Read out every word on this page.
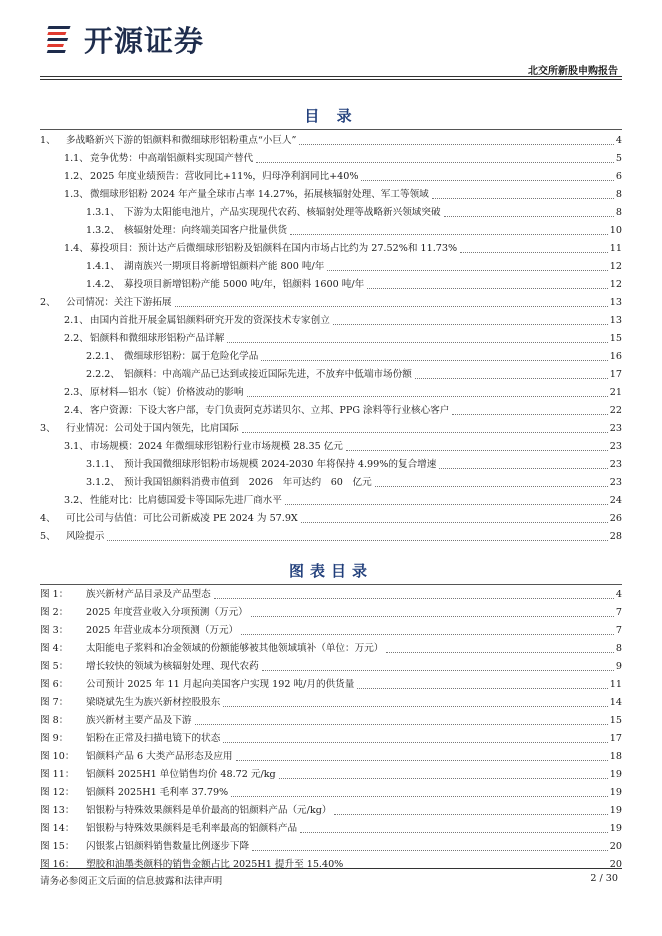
开源证券
北交所新股申购报告
目 录
1、	多战略新兴下游的铝颜料和微细球形铝粉重点“小巨人”	4
1.1、 竞争优势：中高端铝颜料实现国产替代	5
1.2、 2025 年度业绩预告：营收同比+11%，归母净利润同比+40%	6
1.3、 微细球形铝粉 2024 年产量全球市占率 14.27%，拓展核辐射处理、军工等领域	8
1.3.1、 下游为太阳能电池片，产品实现现代农药、核辐射处理等战略新兴领域突破	8
1.3.2、 核辐射处理：向终端美国客户批量供货	10
1.4、 募投项目：预计达产后微细球形铝粉及铝颜料在国内市场占比约为 27.52%和 11.73%	11
1.4.1、 湖南族兴一期项目将新增铝颜料产能 800 吨/年	12
1.4.2、 募投项目新增铝粉产能 5000 吨/年，铝颜料 1600 吨/年	12
2、	公司情况：关注下游拓展	13
2.1、 由国内首批开展金属铝颜料研究开发的资深技术专家创立	13
2.2、 铝颜料和微细球形铝粉产品详解	15
2.2.1、 微细球形铝粉：属于危险化学品	16
2.2.2、 铝颜料：中高端产品已达到或接近国际先进，不放弃中低端市场份额	17
2.3、 原材料—铝水（锭）价格波动的影响	21
2.4、 客户资源：下设大客户部，专门负责阿克苏诺贝尔、立邦、PPG 涂料等行业核心客户	22
3、	行业情况：公司处于国内领先，比肩国际	23
3.1、 市场规模：2024 年微细球形铝粉行业市场规模 28.35 亿元	23
3.1.1、 预计我国微细球形铝粉市场规模 2024-2030 年将保持 4.99%的复合增速	23
3.1.2、 预计我国铝颜料消费市值到　2026　年可达约　60　亿元	23
3.2、 性能对比：比肩德国爱卡等国际先进厂商水平	24
4、	可比公司与估值：可比公司新威凌 PE 2024 为 57.9X	26
5、	风险提示	28
图表目录
图 1：	族兴新材产品目录及产品型态	4
图 2：	2025 年度营业收入分项预测（万元）	7
图 3：	2025 年营业成本分项预测（万元）	7
图 4：	太阳能电子浆料和冶金领域的份额能够被其他领域填补（单位：万元）	8
图 5：	增长较快的领域为核辐射处理、现代农药	9
图 6：	公司预计 2025 年 11 月起向美国客户实现 192 吨/月的供货量	11
图 7：	梁晓斌先生为族兴新材控股股东	14
图 8：	族兴新材主要产品及下游	15
图 9：	铝粉在正常及扫描电镜下的状态	17
图 10：	铝颜料产品 6 大类产品形态及应用	18
图 11：	铝颜料 2025H1 单位销售均价 48.72 元/kg	19
图 12：	铝颜料 2025H1 毛利率 37.79%	19
图 13：	铝银粉与特殊效果颜料是单价最高的铝颜料产品（元/kg）	19
图 14：	铝银粉与特殊效果颜料是毛利率最高的铝颜料产品	19
图 15：	闪银浆占铝颜料销售数量比例逐步下降	20
图 16：	塑胶和油墨类颜料的销售金额占比 2025H1 提升至 15.40%	20
请务必参阅正文后面的信息披露和法律声明	2 / 30
